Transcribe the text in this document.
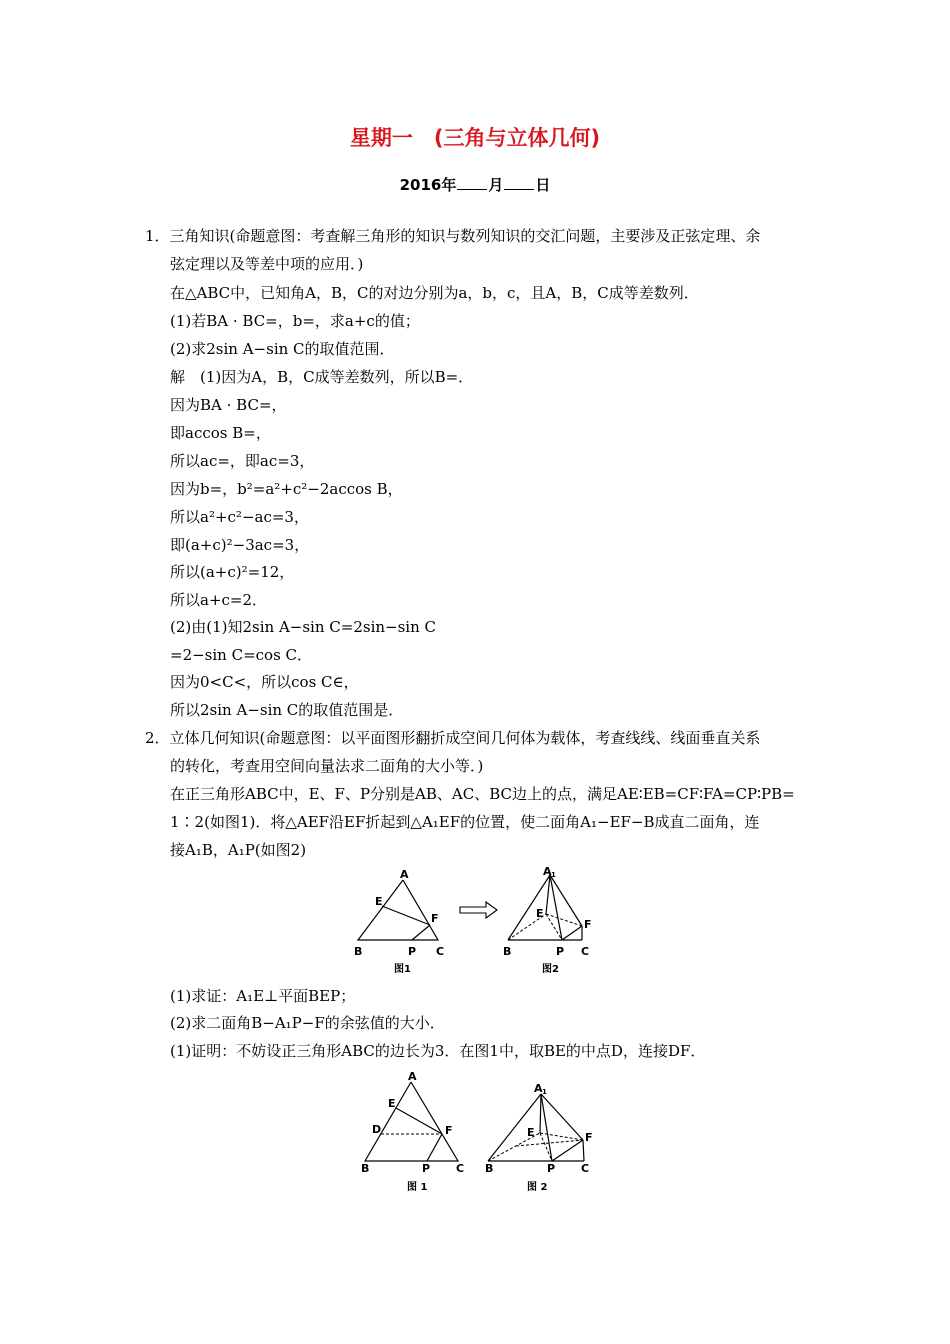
星期一　(三角与立体几何)
2016年 月 日
1．三角知识(命题意图：考查解三角形的知识与数列知识的交汇问题，主要涉及正弦定理、余
弦定理以及等差中项的应用．)
在△ABC中，已知角A，B，C的对边分别为a，b，c，且A，B，C成等差数列．
(1)若BA · BC=，b=，求a+c的值；
(2)求2sin A−sin C的取值范围．
解　(1)因为A，B，C成等差数列，所以B=．
因为BA · BC=，
即accos B=，
所以ac=，即ac=3，
因为b=，b²=a²+c²−2accos B，
所以a²+c²−ac=3，
即(a+c)²−3ac=3，
所以(a+c)²=12，
所以a+c=2．
(2)由(1)知2sin A−sin C=2sin−sin C
=2−sin C=cos C．
因为0<C<，所以cos C∈，
所以2sin A−sin C的取值范围是．
2．立体几何知识(命题意图：以平面图形翻折成空间几何体为载体，考查线线、线面垂直关系
的转化，考查用空间向量法求二面角的大小等．)
在正三角形ABC中，E、F、P分别是AB、AC、BC边上的点，满足AE∶EB=CF∶FA=CP∶PB=
1∶2(如图1)．将△AEF沿EF折起到△A₁EF的位置，使二面角A₁−EF−B成直二面角，连
接A₁B，A₁P(如图2)
A
E
F
B	P C
图1
A 1
E
F
B	P C
图2
(1)求证：A₁E⊥平面BEP；
(2)求二面角B−A₁P−F的余弦值的大小．
(1)证明：不妨设正三角形ABC的边长为3．在图1中，取BE的中点D，连接DF．
A
E
D	F
B	P C
图 1
A 1
E	F
B	P C
图 2
